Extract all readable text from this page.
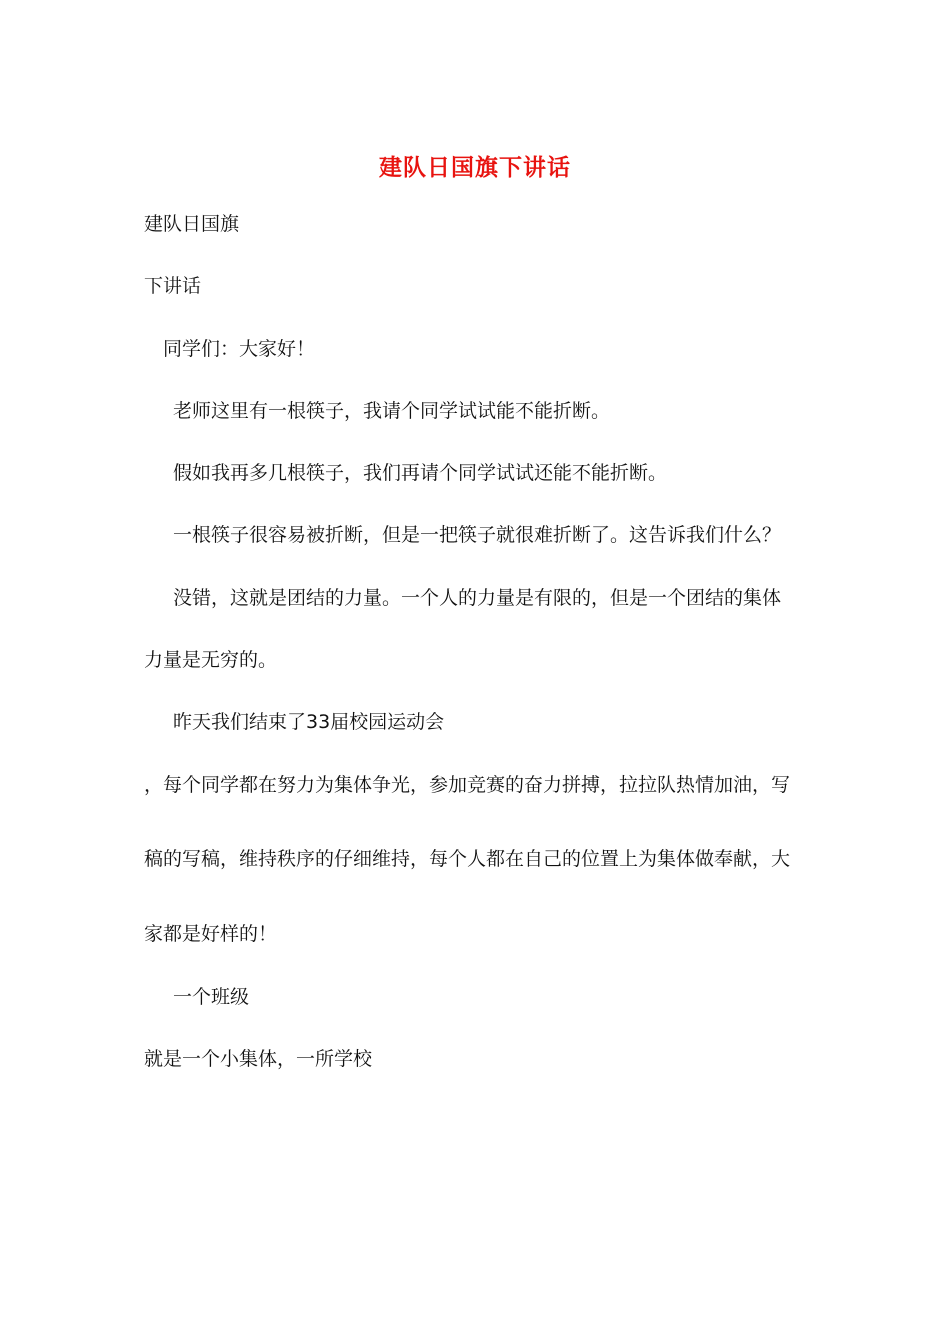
建队日国旗下讲话
建队日国旗
下讲话
同学们：大家好！
老师这里有一根筷子，我请个同学试试能不能折断。
假如我再多几根筷子，我们再请个同学试试还能不能折断。
一根筷子很容易被折断，但是一把筷子就很难折断了。这告诉我们什么？
没错，这就是团结的力量。一个人的力量是有限的，但是一个团结的集体
力量是无穷的。
昨天我们结束了33届校园运动会
，每个同学都在努力为集体争光，参加竞赛的奋力拼搏，拉拉队热情加油，写
稿的写稿，维持秩序的仔细维持，每个人都在自己的位置上为集体做奉献，大
家都是好样的！
一个班级
就是一个小集体，一所学校
